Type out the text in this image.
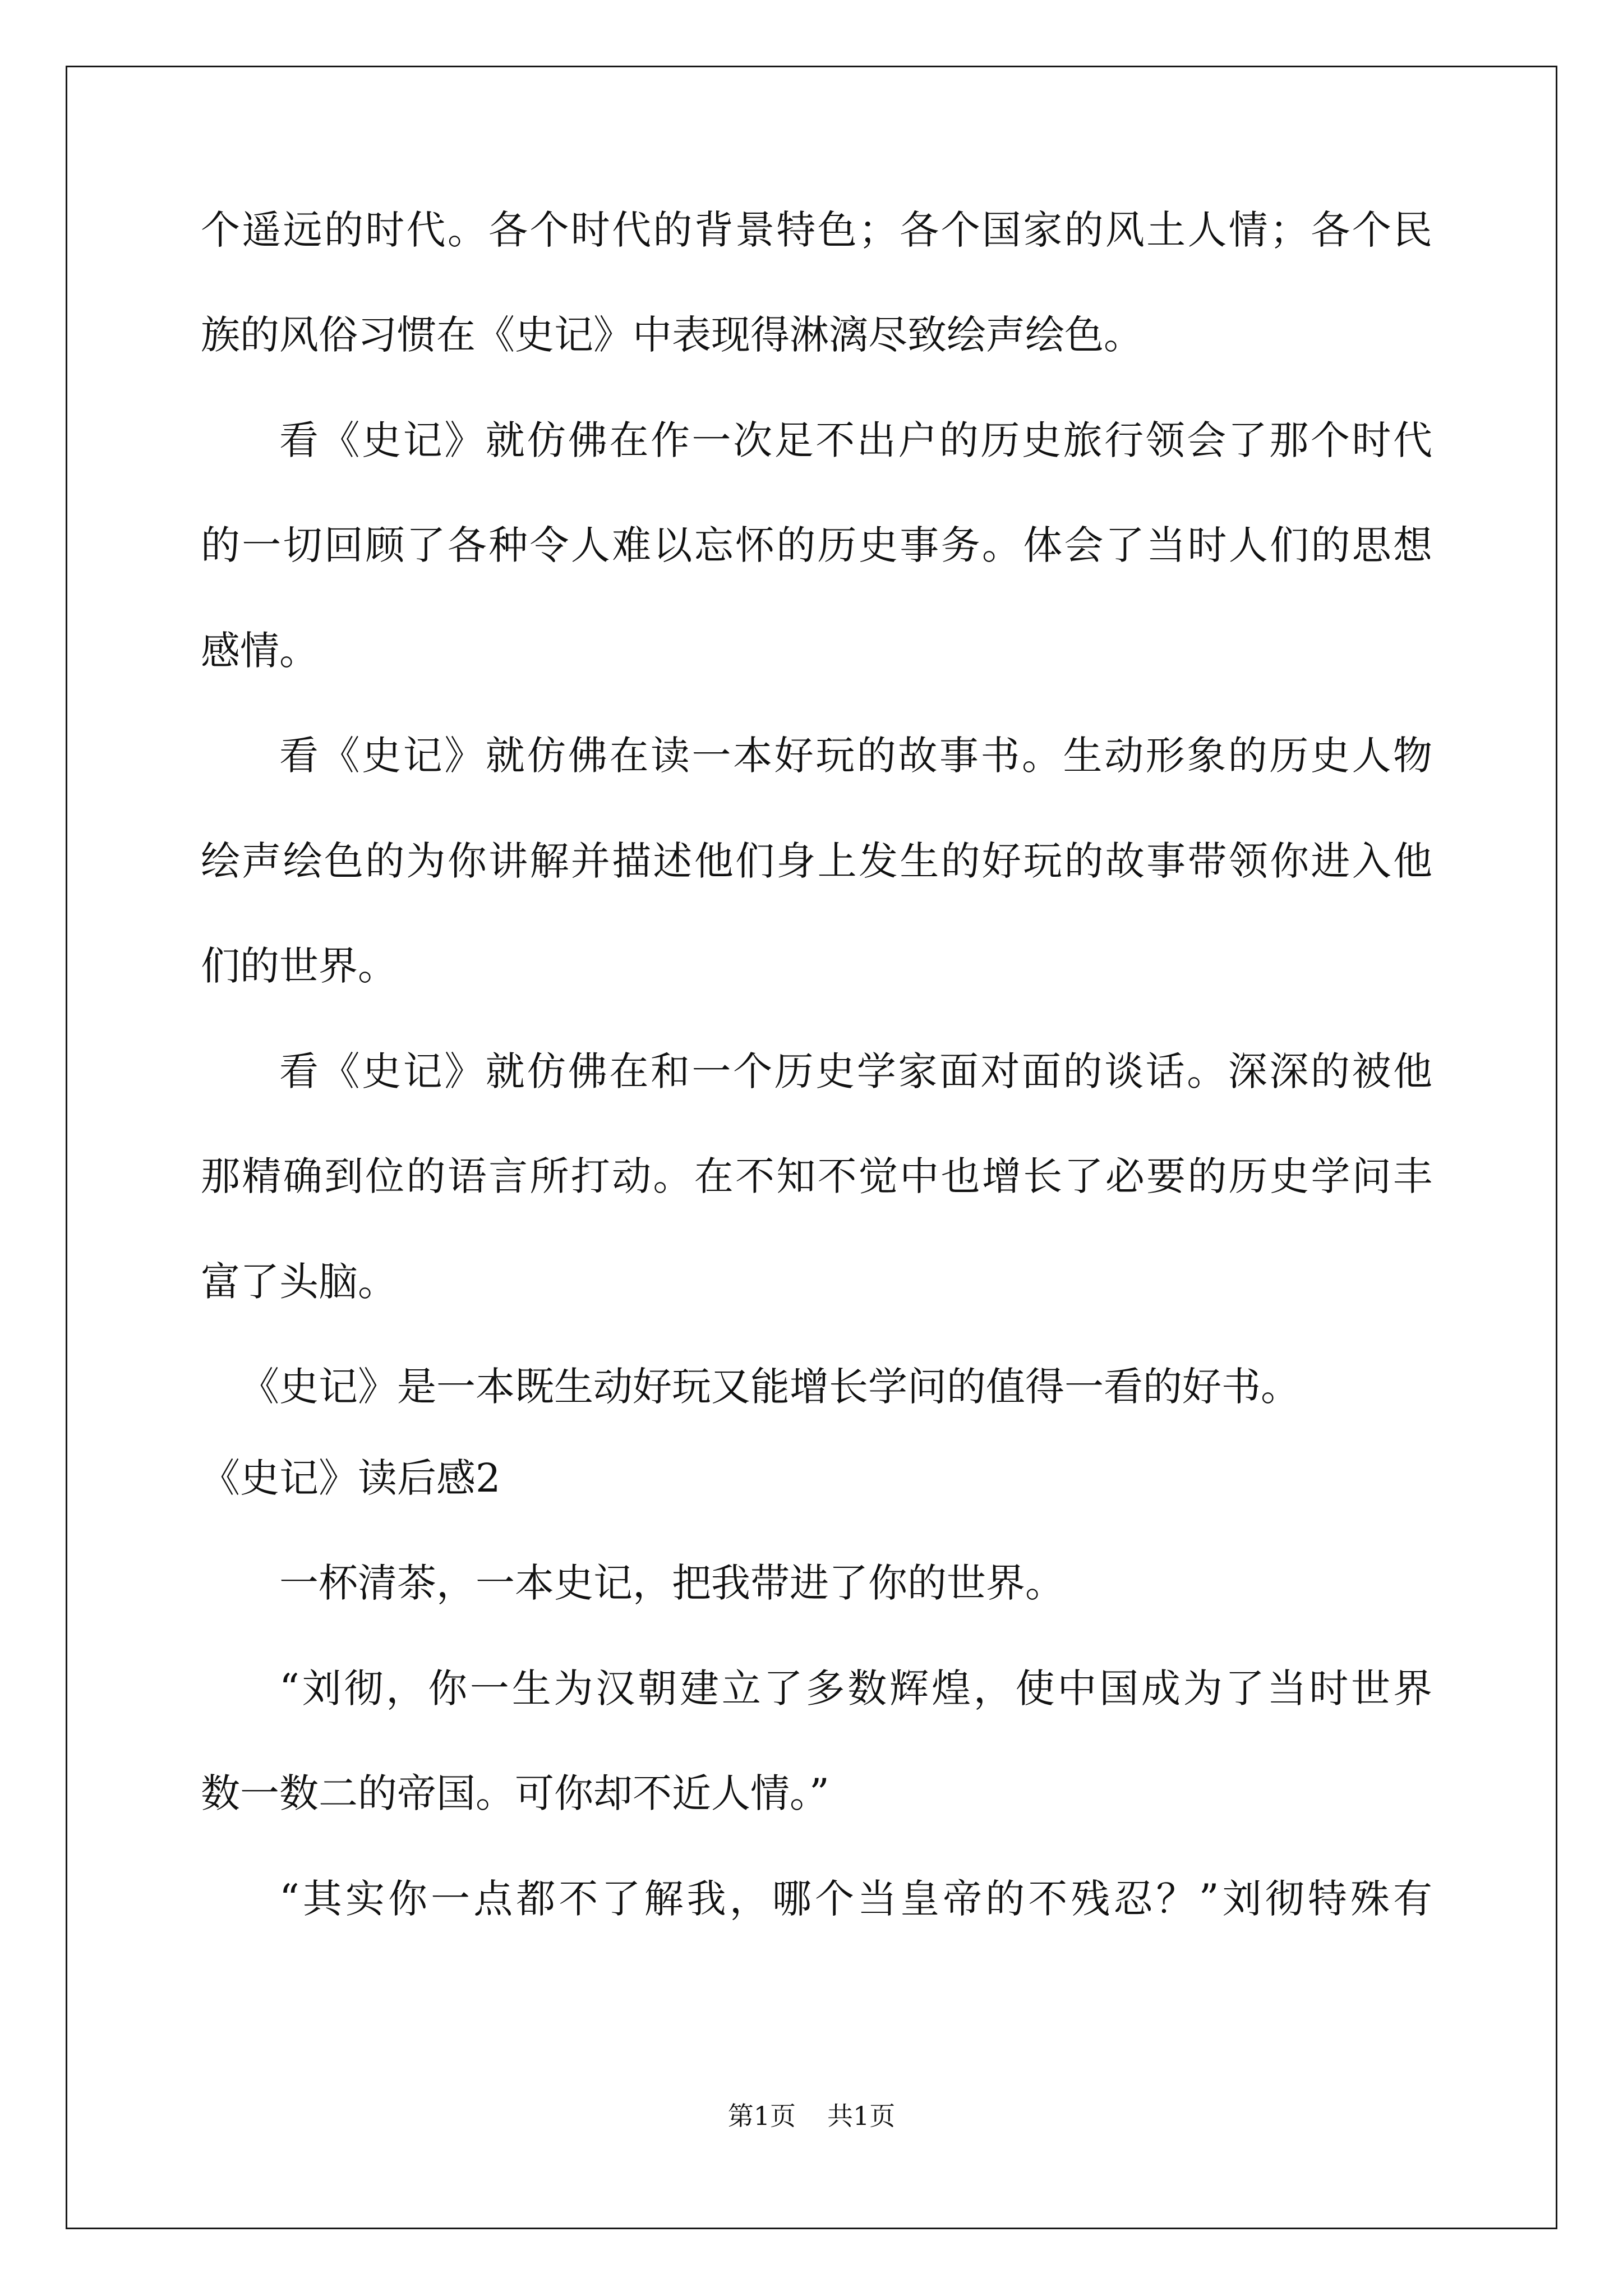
个遥远的时代。各个时代的背景特色；各个国家的风土人情；各个民
族的风俗习惯在《史记》中表现得淋漓尽致绘声绘色。
看《史记》就仿佛在作一次足不出户的历史旅行领会了那个时代
的一切回顾了各种令人难以忘怀的历史事务。体会了当时人们的思想
感情。
看《史记》就仿佛在读一本好玩的故事书。生动形象的历史人物
绘声绘色的为你讲解并描述他们身上发生的好玩的故事带领你进入他
们的世界。
看《史记》就仿佛在和一个历史学家面对面的谈话。深深的被他
那精确到位的语言所打动。在不知不觉中也增长了必要的历史学问丰
富了头脑。
《史记》是一本既生动好玩又能增长学问的值得一看的好书。
《史记》读后感2
一杯清茶，一本史记，把我带进了你的世界。
“刘彻，你一生为汉朝建立了多数辉煌，使中国成为了当时世界
数一数二的帝国。可你却不近人情。”
“其实你一点都不了解我，哪个当皇帝的不残忍？”刘彻特殊有
第1页 共1页
